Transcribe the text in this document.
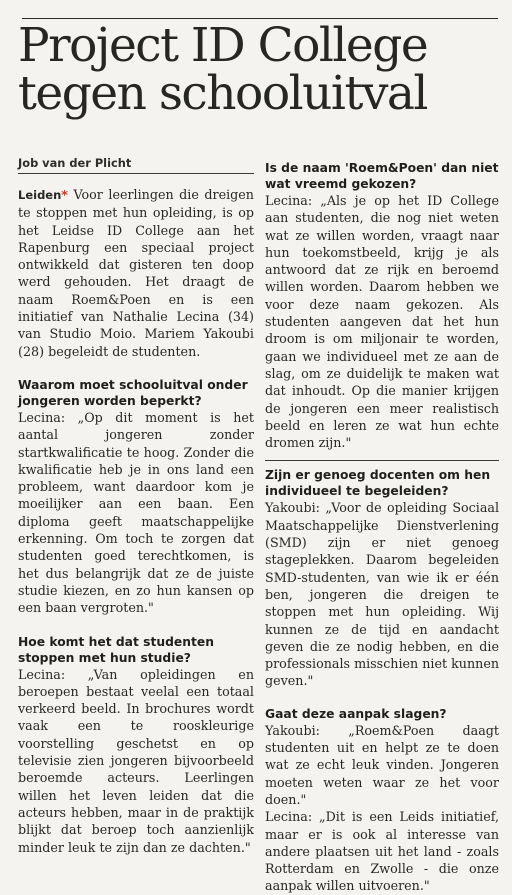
Project ID College
tegen schooluitval
Job van der Plicht

Leiden* Voor leerlingen die dreigen te stoppen met hun opleiding, is op het Leidse ID College aan het Rapenburg een speciaal project ontwikkeld dat gisteren ten doop werd gehouden. Het draagt de naam Roem&Poen en is een initiatief van Nathalie Lecina (34) van Studio Moio. Mariem Yakoubi (28) begeleidt de studenten.

Waarom moet schooluitval onder jongeren worden beperkt?

Lecina: „Op dit moment is het aantal jongeren zonder startkwalificatie te hoog. Zonder die kwalificatie heb je in ons land een probleem, want daardoor kom je moeilijker aan een baan. Een diploma geeft maatschappelijke erkenning. Om toch te zorgen dat studenten goed terechtkomen, is het dus belangrijk dat ze de juiste studie kiezen, en zo hun kansen op een baan vergroten."

Hoe komt het dat studenten stoppen met hun studie?

Lecina: „Van opleidingen en beroepen bestaat veelal een totaal verkeerd beeld. In brochures wordt vaak een te rooskleurige voorstelling geschetst en op televisie zien jongeren bijvoorbeeld beroemde acteurs. Leerlingen willen het leven leiden dat die acteurs hebben, maar in de praktijk blijkt dat beroep toch aanzienlijk minder leuk te zijn dan ze dachten."

Is de naam 'Roem&Poen' dan niet wat vreemd gekozen?

Lecina: „Als je op het ID College aan studenten, die nog niet weten wat ze willen worden, vraagt naar hun toekomstbeeld, krijg je als antwoord dat ze rijk en beroemd willen worden. Daarom hebben we voor deze naam gekozen. Als studenten aangeven dat het hun droom is om miljonair te worden, gaan we individueel met ze aan de slag, om ze duidelijk te maken wat dat inhoudt. Op die manier krijgen de jongeren een meer realistisch beeld en leren ze wat hun echte dromen zijn."

Zijn er genoeg docenten om hen individueel te begeleiden?

Yakoubi: „Voor de opleiding Sociaal Maatschappelijke Dienstverlening (SMD) zijn er niet genoeg stageplekken. Daarom begeleiden SMD-studenten, van wie ik er één ben, jongeren die dreigen te stoppen met hun opleiding. Wij kunnen ze de tijd en aandacht geven die ze nodig hebben, en die professionals misschien niet kunnen geven."

Gaat deze aanpak slagen?

Yakoubi: „Roem&Poen daagt studenten uit en helpt ze te doen wat ze echt leuk vinden. Jongeren moeten weten waar ze het voor doen."

Lecina: „Dit is een Leids initiatief, maar er is ook al interesse van andere plaatsen uit het land - zoals Rotterdam en Zwolle - die onze aanpak willen uitvoeren."
